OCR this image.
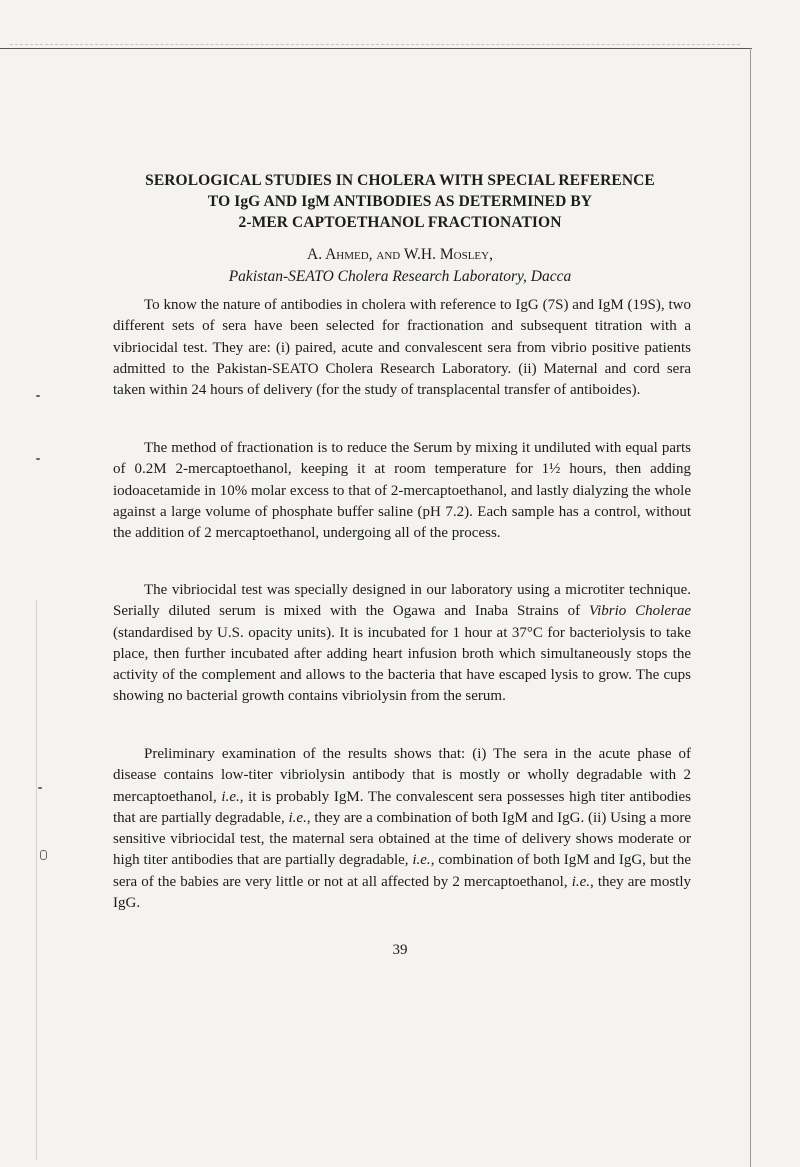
SEROLOGICAL STUDIES IN CHOLERA WITH SPECIAL REFERENCE
TO IgG AND IgM ANTIBODIES AS DETERMINED BY
2-MER CAPTOETHANOL FRACTIONATION
A. Ahmed, and W.H. Mosley,
Pakistan-SEATO Cholera Research Laboratory, Dacca

To know the nature of antibodies in cholera with reference to IgG (7S) and IgM (19S), two different sets of sera have been selected for fractionation and subsequent titration with a vibriocidal test. They are: (i) paired, acute and convalescent sera from vibrio positive patients admitted to the Pakistan-SEATO Cholera Research Laboratory. (ii) Maternal and cord sera taken within 24 hours of delivery (for the study of transplacental transfer of antiboides).

The method of fractionation is to reduce the Serum by mixing it undiluted with equal parts of 0.2M 2-mercaptoethanol, keeping it at room temperature for 1½ hours, then adding iodoacetamide in 10% molar excess to that of 2-mercaptoethanol, and lastly dialyzing the whole against a large volume of phosphate buffer saline (pH 7.2). Each sample has a control, without the addition of 2 mercaptoethanol, undergoing all of the process.

The vibriocidal test was specially designed in our laboratory using a microtiter technique. Serially diluted serum is mixed with the Ogawa and Inaba Strains of Vibrio Cholerae (standardised by U.S. opacity units). It is incubated for 1 hour at 37°C for bacteriolysis to take place, then further incubated after adding heart infusion broth which simultaneously stops the activity of the complement and allows to the bacteria that have escaped lysis to grow. The cups showing no bacterial growth contains vibriolysin from the serum.

Preliminary examination of the results shows that: (i) The sera in the acute phase of disease contains low-titer vibriolysin antibody that is mostly or wholly degradable with 2 mercaptoethanol, i.e., it is probably IgM. The convalescent sera possesses high titer antibodies that are partially degradable, i.e., they are a combination of both IgM and IgG. (ii) Using a more sensitive vibriocidal test, the maternal sera obtained at the time of delivery shows moderate or high titer antibodies that are partially degradable, i.e., combination of both IgM and IgG, but the sera of the babies are very little or not at all affected by 2 mercaptoethanol, i.e., they are mostly IgG.

39
